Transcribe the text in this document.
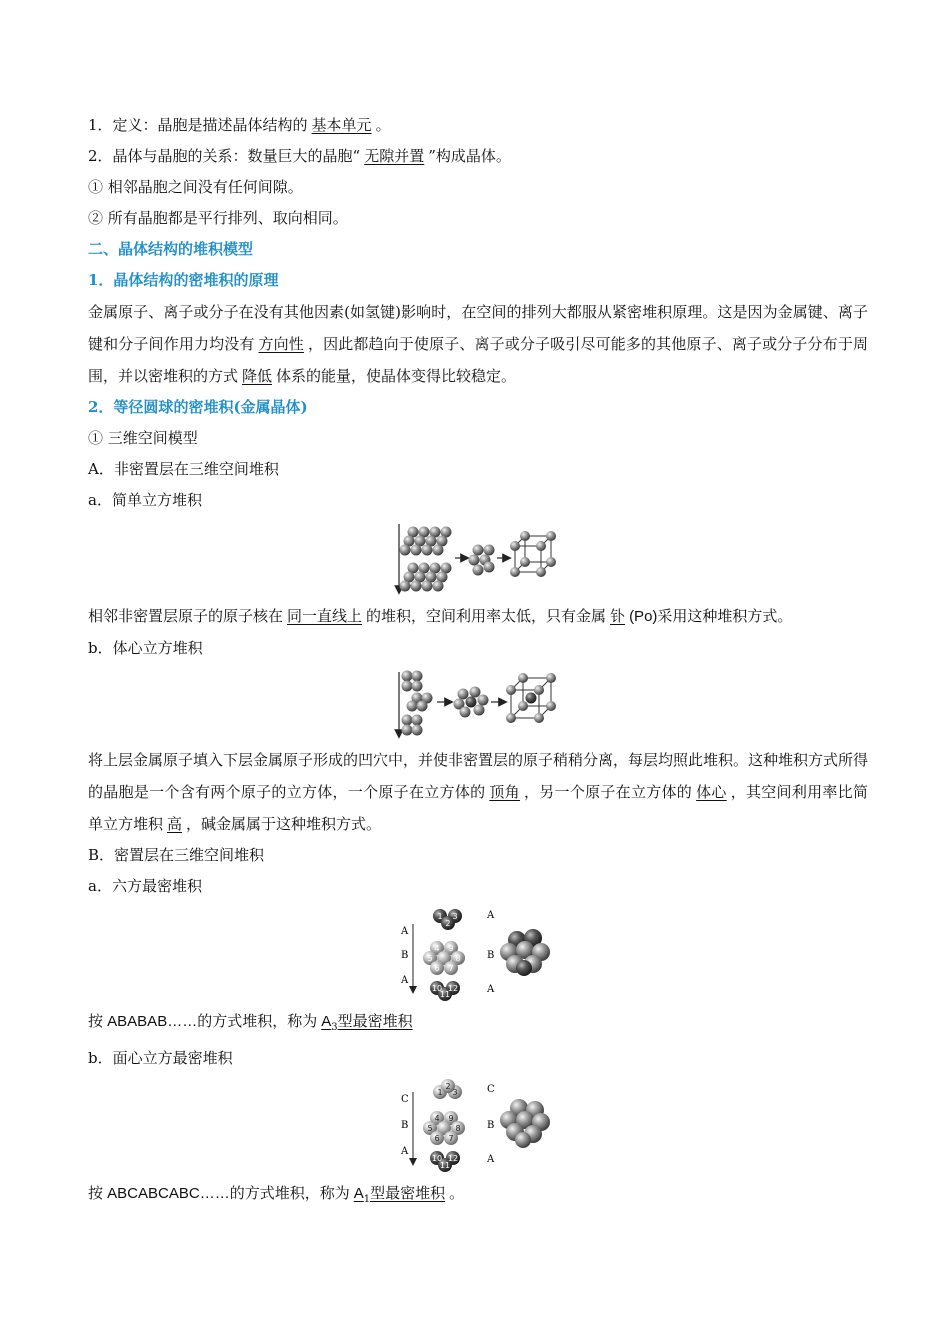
1．定义：晶胞是描述晶体结构的 基本单元 。
2．晶体与晶胞的关系：数量巨大的晶胞“ 无隙并置 ”构成晶体。
① 相邻晶胞之间没有任何间隙。
② 所有晶胞都是平行排列、取向相同。
二、晶体结构的堆积模型
1．晶体结构的密堆积的原理
金属原子、离子或分子在没有其他因素(如氢键)影响时，在空间的排列大都服从紧密堆积原理。这是因为金属键、离子键和分子间作用力均没有 方向性 ，因此都趋向于使原子、离子或分子吸引尽可能多的其他原子、离子或分子分布于周围，并以密堆积的方式 降低 体系的能量，使晶体变得比较稳定。
2．等径圆球的密堆积(金属晶体)
① 三维空间模型
A．非密置层在三维空间堆积
a．简单立方堆积
相邻非密置层原子的原子核在 同一直线上 的堆积，空间利用率太低，只有金属 钋 (Po)采用这种堆积方式。
b．体心立方堆积
将上层金属原子填入下层金属原子形成的凹穴中，并使非密置层的原子稍稍分离，每层均照此堆积。这种堆积方式所得的晶胞是一个含有两个原子的立方体，一个原子在立方体的 顶角 ，另一个原子在立方体的 体心 ，其空间利用率比简单立方堆积 高 ，碱金属属于这种堆积方式。
B．密置层在三维空间堆积
a．六方最密堆积
A
B
A
1
2
3
4
5
6 7
8
9
10
11
12
A
B
A
按 ABABAB……的方式堆积，称为 $A_3$型最密堆积
b．面心立方最密堆积
C
B
A
1
2
3
4
5
6 7
8
9
10
11
12
C
B
A
按 ABCABCABC……的方式堆积，称为 $A_1$型最密堆积 。
